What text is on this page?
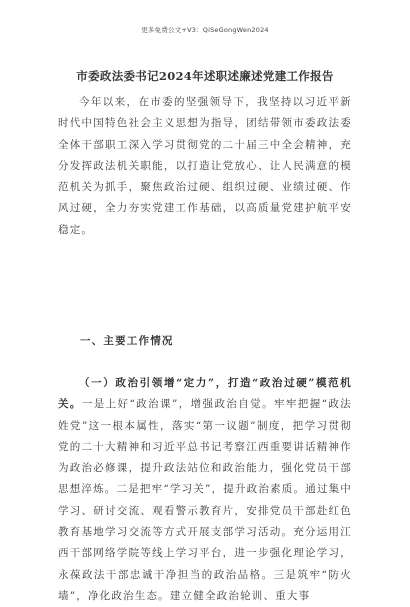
更多免费公文+V3：QiSeGongWen2024
市委政法委书记2024年述职述廉述党建工作报告

今年以来，在市委的坚强领导下，我坚持以习近平新时代中国特色社会主义思想为指导，团结带领市委政法委全体干部职工深入学习贯彻党的二十届三中全会精神，充分发挥政法机关职能，以打造让党放心、让人民满意的模范机关为抓手，聚焦政治过硬、组织过硬、业绩过硬、作风过硬，全力夯实党建工作基础，以高质量党建护航平安稳定。

一、主要工作情况

（一）政治引领增“定力”，打造“政治过硬”模范机关。一是上好“政治课”，增强政治自觉。牢牢把握“政法姓党”这一根本属性，落实“第一议题”制度，把学习贯彻党的二十大精神和习近平总书记考察江西重要讲话精神作为政治必修课，提升政法站位和政治能力，强化党员干部思想淬炼。二是把牢“学习关”，提升政治素质。通过集中学习、研讨交流、观看警示教育片，安排党员干部赴红色教育基地学习交流等方式开展支部学习活动。充分运用江西干部网络学院等线上学习平台，进一步强化理论学习，永葆政法干部忠诚干净担当的政治品格。三是筑牢“防火墙”，净化政治生态。建立健全政治轮训、重大事
